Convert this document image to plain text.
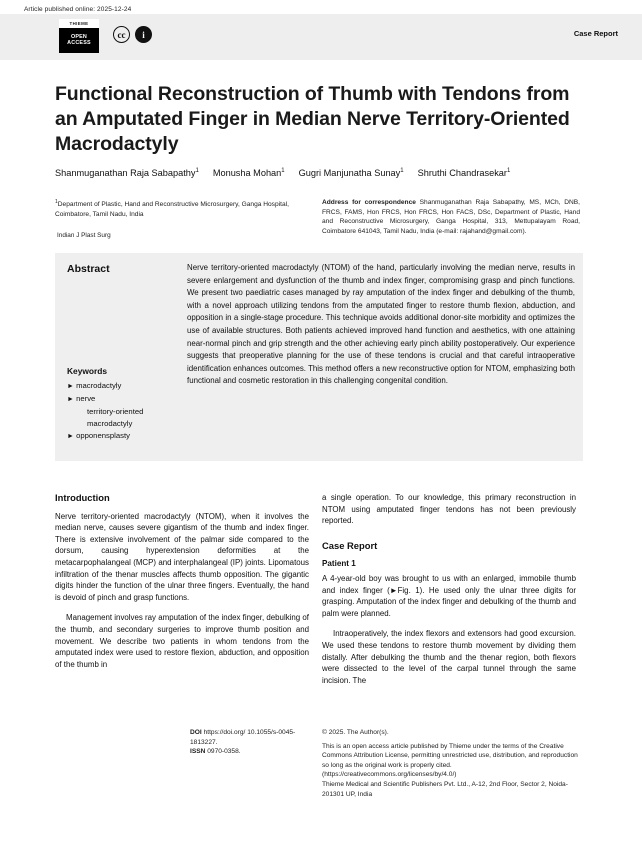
Article published online: 2025-12-24
THIEME
OPEN
ACCESS
cc	i	Case Report
Functional Reconstruction of Thumb with Tendons from an Amputated Finger in Median Nerve Territory-Oriented Macrodactyly
Shanmuganathan Raja Sabapathy$^1$ Monusha Mohan$^1$ Gugri Manjunatha Sunay$^1$ Shruthi Chandrasekar$^1$
$^1$Department of Plastic, Hand and Reconstructive Microsurgery, Ganga Hospital, Coimbatore, Tamil Nadu, India
Indian J Plast Surg
Address for correspondence Shanmuganathan Raja Sabapathy, MS, MCh, DNB, FRCS, FAMS, Hon FRCS, Hon FRCS, Hon FACS, DSc, Department of Plastic, Hand and Reconstructive Microsurgery, Ganga Hospital, 313, Mettupalayam Road, Coimbatore 641043, Tamil Nadu, India (e-mail: rajahand@gmail.com).
Abstract	Nerve territory-oriented macrodactyly (NTOM) of the hand, particularly involving the median nerve, results in severe enlargement and dysfunction of the thumb and index finger, compromising grasp and pinch functions. We present two paediatric cases managed by ray amputation of the index finger and debulking of the thumb, with a novel approach utilizing tendons from the amputated finger to restore thumb flexion, abduction, and opposition in a single-stage procedure. This technique avoids additional donor-site morbidity and optimizes the use of available structures. Both patients achieved improved hand function and aesthetics, with one attaining near-normal pinch and grip strength and the other achieving early pinch ability postoperatively. Our experience suggests that preoperative planning for the use of these tendons is crucial and that careful intraoperative identification enhances outcomes. This method offers a new reconstructive option for NTOM, emphasizing both functional and cosmetic restoration in this challenging congenital condition.
Keywords
► macrodactyly
► nerve
territory-oriented macrodactyly
► opponensplasty
Introduction

Nerve territory-oriented macrodactyly (NTOM), when it involves the median nerve, causes severe gigantism of the thumb and index finger. There is extensive involvement of the palmar side compared to the dorsum, causing hyperextension deformities at the metacarpophalangeal (MCP) and interphalangeal (IP) joints. Lipomatous infiltration of the thenar muscles affects thumb opposition. The gigantic digits hinder the function of the ulnar three fingers. Eventually, the hand is devoid of pinch and grasp functions.

Management involves ray amputation of the index finger, debulking of the thumb, and secondary surgeries to improve thumb position and movement. We describe two patients in whom tendons from the amputated index were used to restore flexion, abduction, and opposition of the thumb in

a single operation. To our knowledge, this primary reconstruction in NTOM using amputated finger tendons has not been previously reported.

Case Report
Patient 1

A 4-year-old boy was brought to us with an enlarged, immobile thumb and index finger (►Fig. 1). He used only the ulnar three digits for grasping. Amputation of the index finger and debulking of the thumb and palm were planned.

Intraoperatively, the index flexors and extensors had good excursion. We used these tendons to restore thumb movement by dividing them distally. After debulking the thumb and the thenar region, both flexors were dissected to the level of the carpal tunnel through the same incision. The

DOI https://doi.org/ 10.1055/s-0045-1813227.
ISSN 0970-0358.
© 2025. The Author(s).
This is an open access article published by Thieme under the terms of the Creative Commons Attribution License, permitting unrestricted use, distribution, and reproduction so long as the original work is properly cited. (https://creativecommons.org/licenses/by/4.0/)
Thieme Medical and Scientific Publishers Pvt. Ltd., A-12, 2nd Floor, Sector 2, Noida-201301 UP, India
